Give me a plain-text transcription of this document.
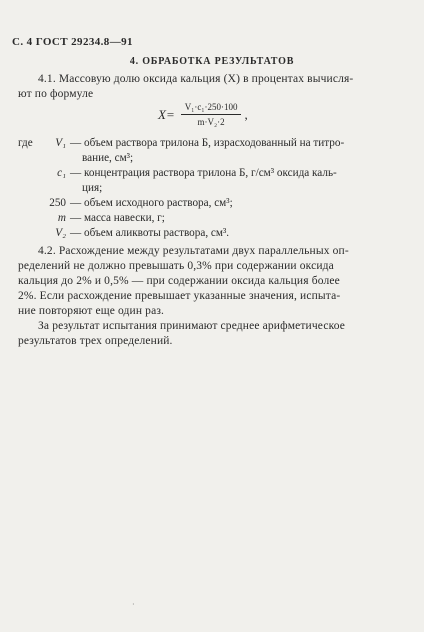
С. 4 ГОСТ 29234.8—91
4. ОБРАБОТКА РЕЗУЛЬТАТОВ
4.1. Массовую долю оксида кальция (X) в процентах вычисля-
ют по формуле
$X= \frac{\text{V₁·c₁·250·100}}{\text{m·V₂·2}}$ ,
где	V₁ — объем раствора трилона Б, израсходованный на титро-
вание, см³;
c₁ — концентрация раствора трилона Б, г/см³ оксида каль-
ция;
250 — объем исходного раствора, см³;
m — масса навески, г;
V₂ — объем аликвоты раствора, см³.
4.2. Расхождение между результатами двух параллельных оп-
ределений не должно превышать 0,3% при содержании оксида
кальция до 2% и 0,5% — при содержании оксида кальция более
2%. Если расхождение превышает указанные значения, испыта-
ние повторяют еще один раз.
За результат испытания принимают среднее арифметическое
результатов трех определений.
·
